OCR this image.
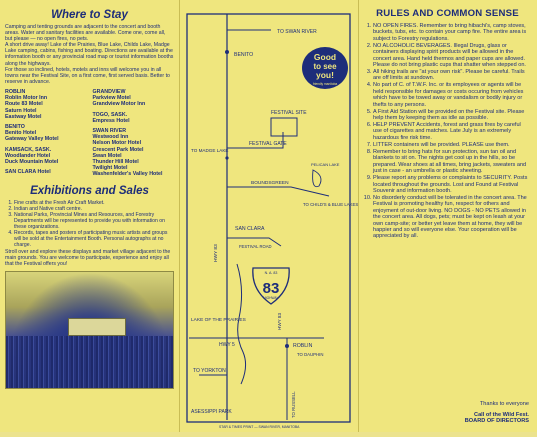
Where to Stay

Camping and tenting grounds are adjacent to the concert and booth areas. Water and sanitary facilities are available. Come one, come all, but please — no open fires, no pets.
A short drive away! Lake of the Prairies, Blue Lake, Childs Lake, Madge Lake camping, cabins, fishing and boating. Directions are available at the information booth or any provincial road map or tourist information booths along the highways.
For those so inclined, hotels, motels and inns will welcome you in all towns near the Festival Site, on a first come, first served basis. Better to reserve in advance.

ROBLIN
Roblin Motor Inn
Route 83 Motel
Saturn Hotel
Eastway Motel
BENITO
Benito Hotel
Gateway Valley Motel
KAMSACK, SASK.
Woodlander Hotel
Duck Mountain Motel
SAN CLARA Hotel
GRANDVIEW
Parkview Motel
Grandview Motor Inn
TOGO, SASK.
Empress Hotel
SWAN RIVER
Westwood Inn
Nelson Motor Hotel
Crescent Park Motel
Swan Motel
Thunder Hill Motel
Twilight Motel
Washenfelder's Valley Hotel
Exhibitions and Sales
1. Fine crafts at the Fresh Air Craft Market.
2. Indian and Native craft centre.
3. National Parks, Provincial Mines and Resources, and Forestry Departments will be represented to provide you with information on these organizations.
4. Records, tapes and posters of participating music artists and groups will be sold at the Entertainment Booth. Personal autographs at no charge.

Stroll over and explore these displays and market village adjacent to the main grounds. You are welcome to participate, experience and enjoy all that the Festival offers you!

TO SWAN RIVER
BENITO
TO MADGE LAKE
FESTIVAL SITE
FESTIVAL GATE
PELICAN LAKE
BOUNDSGREEN
TO CHILD'S & BLUE LAKES
HWY 83
SAN CLARA
FESTIVAL ROAD
LAKE OF THE PRAIRIES
HWY 5
TO YORKTON
ROBLIN
TO DAUPHIN
HWY 83
TO RUSSELL
ASESSIPPI PARK
STAR & TIMES PRINT — SWAN RIVER, MANITOBA
N. A. 83
83
HIGHWAY
Good
to see
you!
friendly manitoba
RULES AND COMMON SENSE
1. NO OPEN FIRES. Remember to bring hibachi's, camp stoves, buckets, tubs, etc. to contain your camp fire. The entire area is subject to Forestry regulations.
2. NO ALCOHOLIC BEVERAGES. Illegal Drugs, glass or containers displaying spirit products will be allowed in the concert area. Hand held thermos and paper cups are allowed. Please do not bring plastic cups that shatter when stepped on.
3. All hiking trails are "at your own risk". Please be careful. Trails are off limits at sundown.
4. No part of C. of T.W.F. Inc. or its employees or agents will be held responsible for damages or costs occuring from vehicles which have to be towed away or vandalism or bodily injury or thefts to any persons.
5. A First Aid Station will be provided on the Festival site. Please help them by keeping them as idle as possible.
6. HELP PREVENT Accidents, forest and grass fires by careful use of cigarettes and matches. Late July is an extremely hazardous fire risk time.
7. LITTER containers will be provided. PLEASE use them.
8. Remember to bring hats for sun protection, sun tan oil and blankets to sit on. The nights get cool up in the hills, so be prepared. Wear shoes at all times, bring jackets, sweaters and just in case - an umbrella or plastic sheeting.
9. Please report any problems or complaints to SECURITY. Posts located throughout the grounds. Lost and Found at Festival Souvenir and information booth.
10. No disorderly conduct will be tolerated in the concert area. The Festival is promoting healthy fun, respect for others and enjoyment of out-door living. NO DOGS - NO PETS allowed in the concert area. All dogs, pets; must be kept on leash at your own camp-site; or better yet leave them at home, they will be happier and so will everyone else. Your cooperation will be appreciated by all.
Thanks to everyone
Call of the Wild Fest.
BOARD OF DIRECTORS
